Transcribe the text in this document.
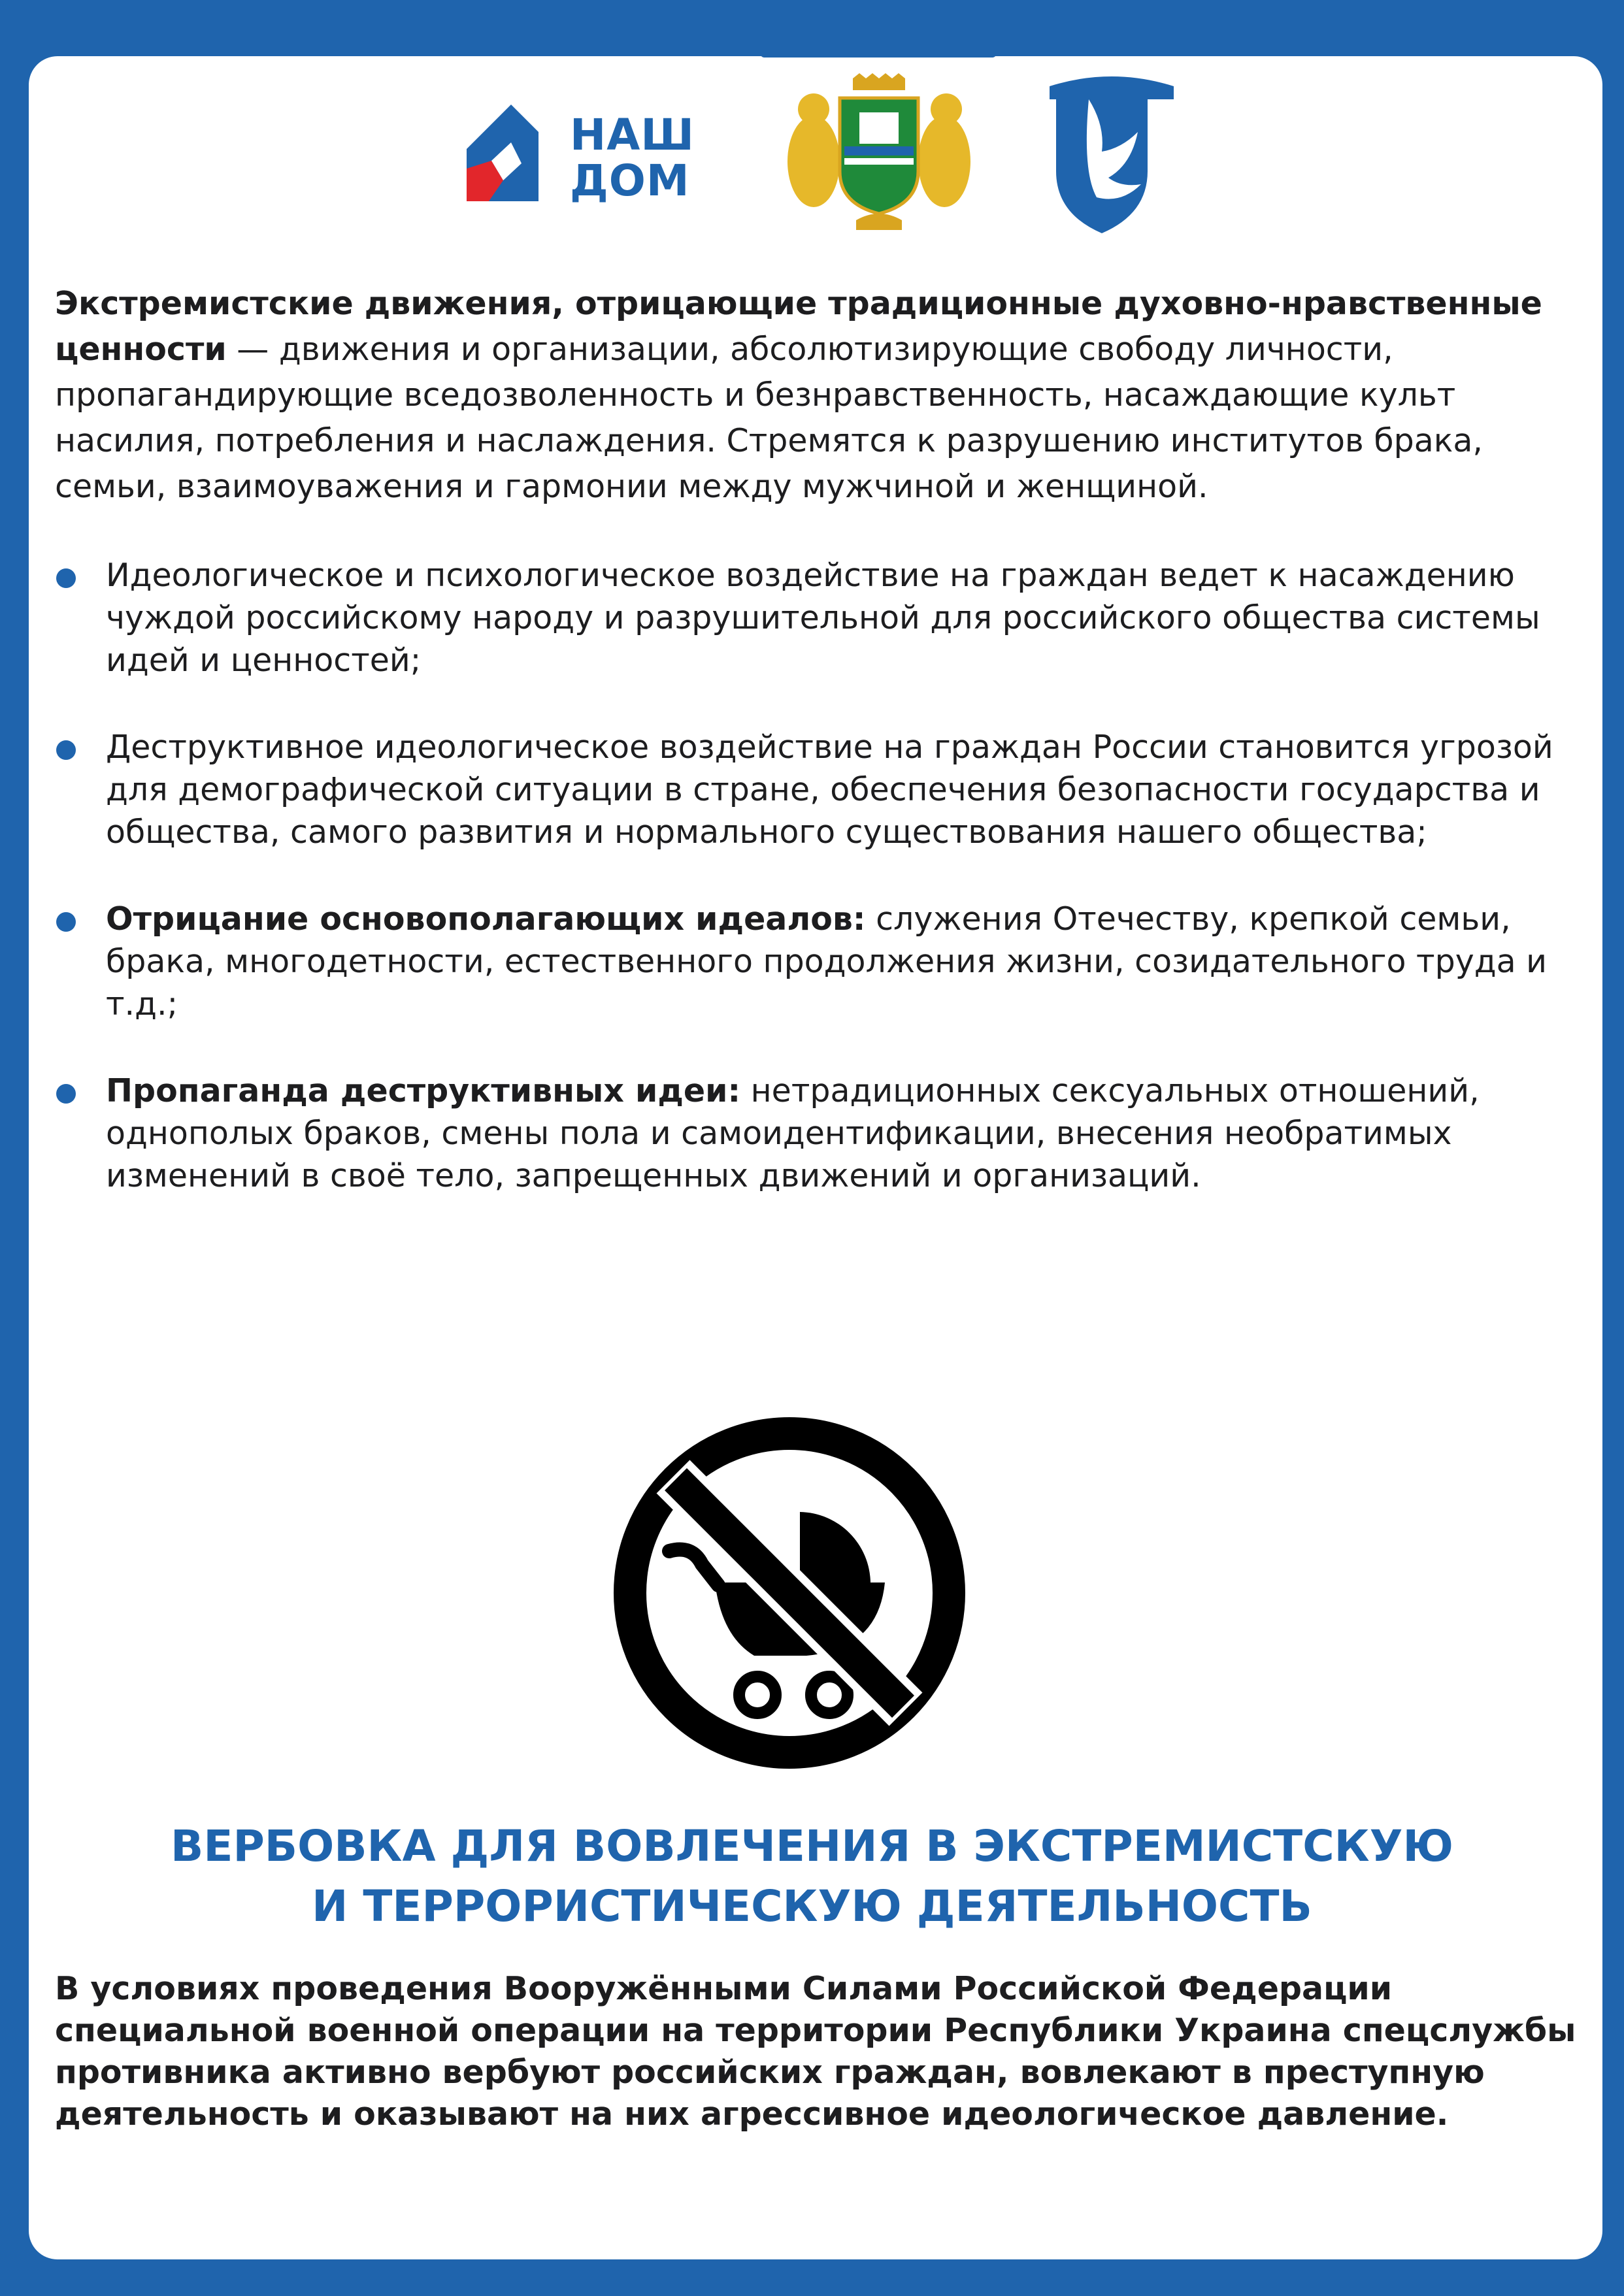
НАШ
ДОМ

Экстремистские движения, отрицающие традиционные духовно-нравственные ценности — движения и организации, абсолютизирующие свободу личности, пропагандирующие вседозволенность и безнравственность, насаждающие культ насилия, потребления и наслаждения. Стремятся к разрушению институтов брака, семьи, взаимоуважения и гармонии между мужчиной и женщиной.

Идеологическое и психологическое воздействие на граждан ведет к насаждению чуждой российскому народу и разрушительной для российского общества системы идей и ценностей;
Деструктивное идеологическое воздействие на граждан России становится угрозой для демографической ситуации в стране, обеспечения безопасности государства и общества, самого развития и нормального существования нашего общества;
Отрицание основополагающих идеалов: служения Отечеству, крепкой семьи, брака, многодетности, естественного продолжения жизни, созидательного труда и т.д.;
Пропаганда деструктивных идеи: нетрадиционных сексуальных отношений, однополых браков, смены пола и самоидентификации, внесения необратимых изменений в своё тело, запрещенных движений и организаций.
ВЕРБОВКА ДЛЯ ВОВЛЕЧЕНИЯ В ЭКСТРЕМИСТСКУЮ
И ТЕРРОРИСТИЧЕСКУЮ ДЕЯТЕЛЬНОСТЬ

В условиях проведения Вооружёнными Силами Российской Федерации специальной военной операции на территории Республики Украина спецслужбы противника активно вербуют российских граждан, вовлекают в преступную деятельность и оказывают на них агрессивное идеологическое давление.
